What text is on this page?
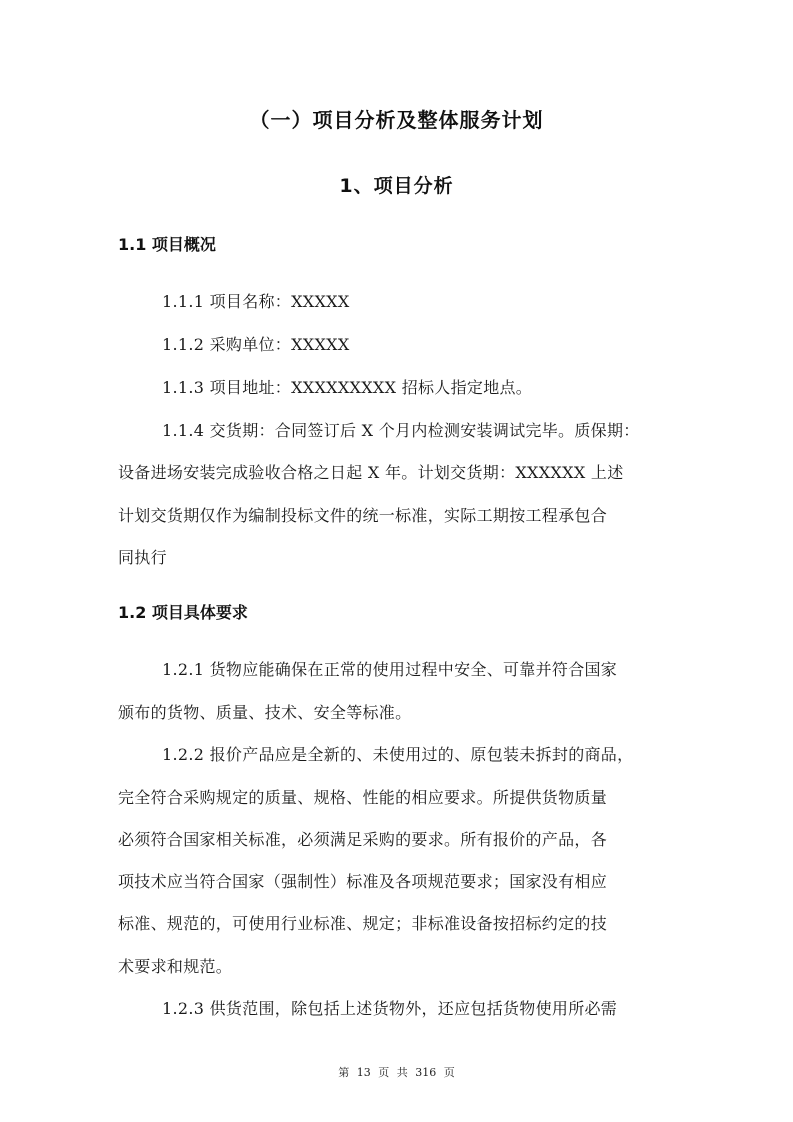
（一）项目分析及整体服务计划
1、项目分析
1.1 项目概况
1.1.1 项目名称：XXXXX
1.1.2 采购单位：XXXXX
1.1.3 项目地址：XXXXXXXXX 招标人指定地点。
1.1.4 交货期：合同签订后 X 个月内检测安装调试完毕。质保期：
设备进场安装完成验收合格之日起 X 年。计划交货期：XXXXXX 上述
计划交货期仅作为编制投标文件的统一标准，实际工期按工程承包合
同执行
1.2 项目具体要求
1.2.1 货物应能确保在正常的使用过程中安全、可靠并符合国家
颁布的货物、质量、技术、安全等标准。
1.2.2 报价产品应是全新的、未使用过的、原包装未拆封的商品，
完全符合采购规定的质量、规格、性能的相应要求。所提供货物质量
必须符合国家相关标准，必须满足采购的要求。所有报价的产品，各
项技术应当符合国家（强制性）标准及各项规范要求；国家没有相应
标准、规范的，可使用行业标准、规定；非标准设备按招标约定的技
术要求和规范。
1.2.3 供货范围，除包括上述货物外，还应包括货物使用所必需
第 13 页 共 316 页
